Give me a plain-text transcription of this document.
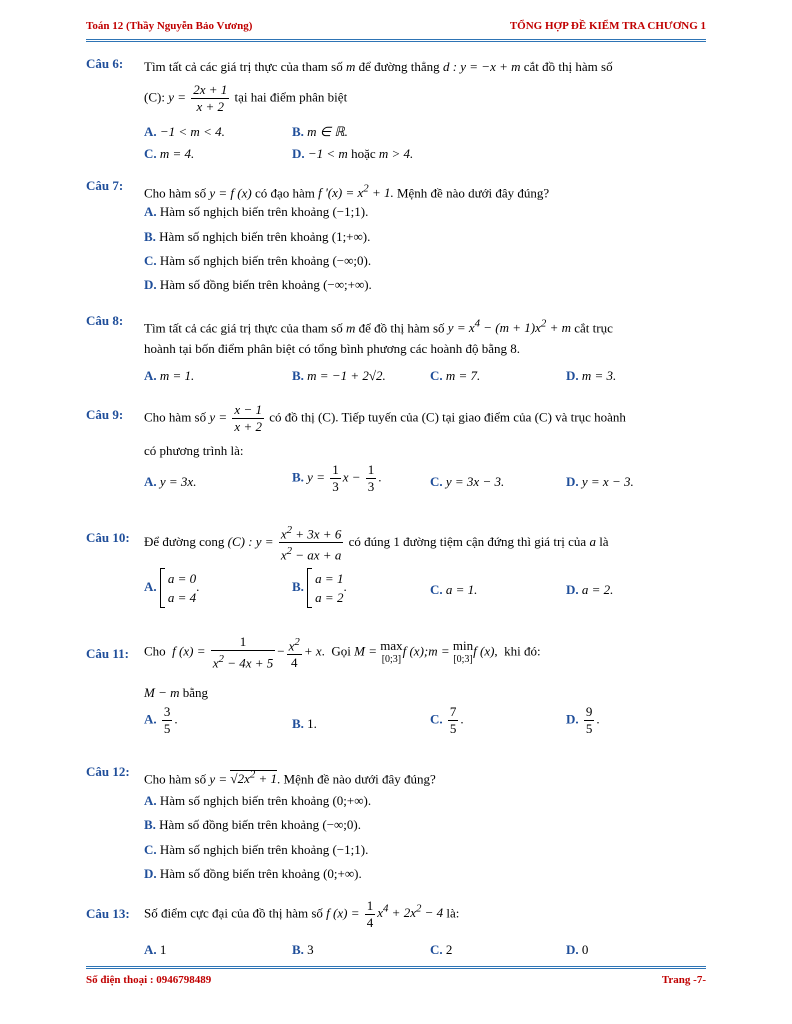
Toán 12 (Thầy Nguyễn Bảo Vương)	TỔNG HỢP ĐỀ KIỂM TRA CHƯƠNG 1
Câu 6: Tìm tất cả các giá trị thực của tham số m để đường thẳng d : y = −x + m cắt đồ thị hàm số
(C): $y = \frac{2x + 1}{x + 2}$ tại hai điểm phân biệt
A. −1 < m < 4.	B. m ∈ ℝ.
C. m = 4.	D. −1 < m hoặc m > 4.
Câu 7: Cho hàm số y = f (x) có đạo hàm f '$(x) = x^2 + 1$. Mệnh đề nào dưới đây đúng?
A. Hàm số nghịch biến trên khoảng (−1;1).
B. Hàm số nghịch biến trên khoảng (1;+∞).
C. Hàm số nghịch biến trên khoảng (−∞;0).
D. Hàm số đồng biến trên khoảng (−∞;+∞).
Câu 8: Tìm tất cả các giá trị thực của tham số m để đồ thị hàm số $y = x^4 - (m + 1)x^2 + m$ cắt trục
hoành tại bốn điểm phân biệt có tổng bình phương các hoành độ bằng 8.
A. m = 1.	B. m = −1 + 2√2.	C. m = 7.	D. m = 3.
Câu 9: Cho hàm số $y = \frac{x - 1}{x + 2}$ có đồ thị (C). Tiếp tuyến của (C) tại giao điểm của (C) và trục hoành
có phương trình là:
A. y = 3x.	B. $y = \frac{1}{3}$ $x - \frac{1}{3}$ .	C. y = 3x − 3.	D. y = x − 3.
Câu 10: Để đường cong (C) : $y = \frac{x^2 + 3x + 6}{x^2 - ax + a}$ có đúng 1 đường tiệm cận đứng thì giá trị của a là
A. a = 0
a = 4.	B. a = 1
a = 2.	C. a = 1.	D. a = 2.
Câu 11: Cho f $(x) = \frac{1}{x^2 - 4x + 5} - \frac{x^2}{4} + x$.  Gọi M = max
[0;3]
f (x);m = min
[0;3]
f (x),  khi đó:
M − m bằng
A. $\frac{3}{5}$ .	B. 1.	C. $\frac{7}{5}$ .	D. $\frac{9}{5}$ .
Câu 12: Cho hàm số $y = √2x^2 + 1$. Mệnh đề nào dưới đây đúng?
A. Hàm số nghịch biến trên khoảng (0;+∞).
B. Hàm số đồng biến trên khoảng (−∞;0).
C. Hàm số nghịch biến trên khoảng (−1;1).
D. Hàm số đồng biến trên khoảng (0;+∞).
Câu 13: Số điểm cực đại của đồ thị hàm số f $(x) = \frac{1}{4} x^4 + 2x^2 - 4$ là:
A. 1	B. 3	C. 2	D. 0
Số điện thoại : 0946798489	Trang -7-
